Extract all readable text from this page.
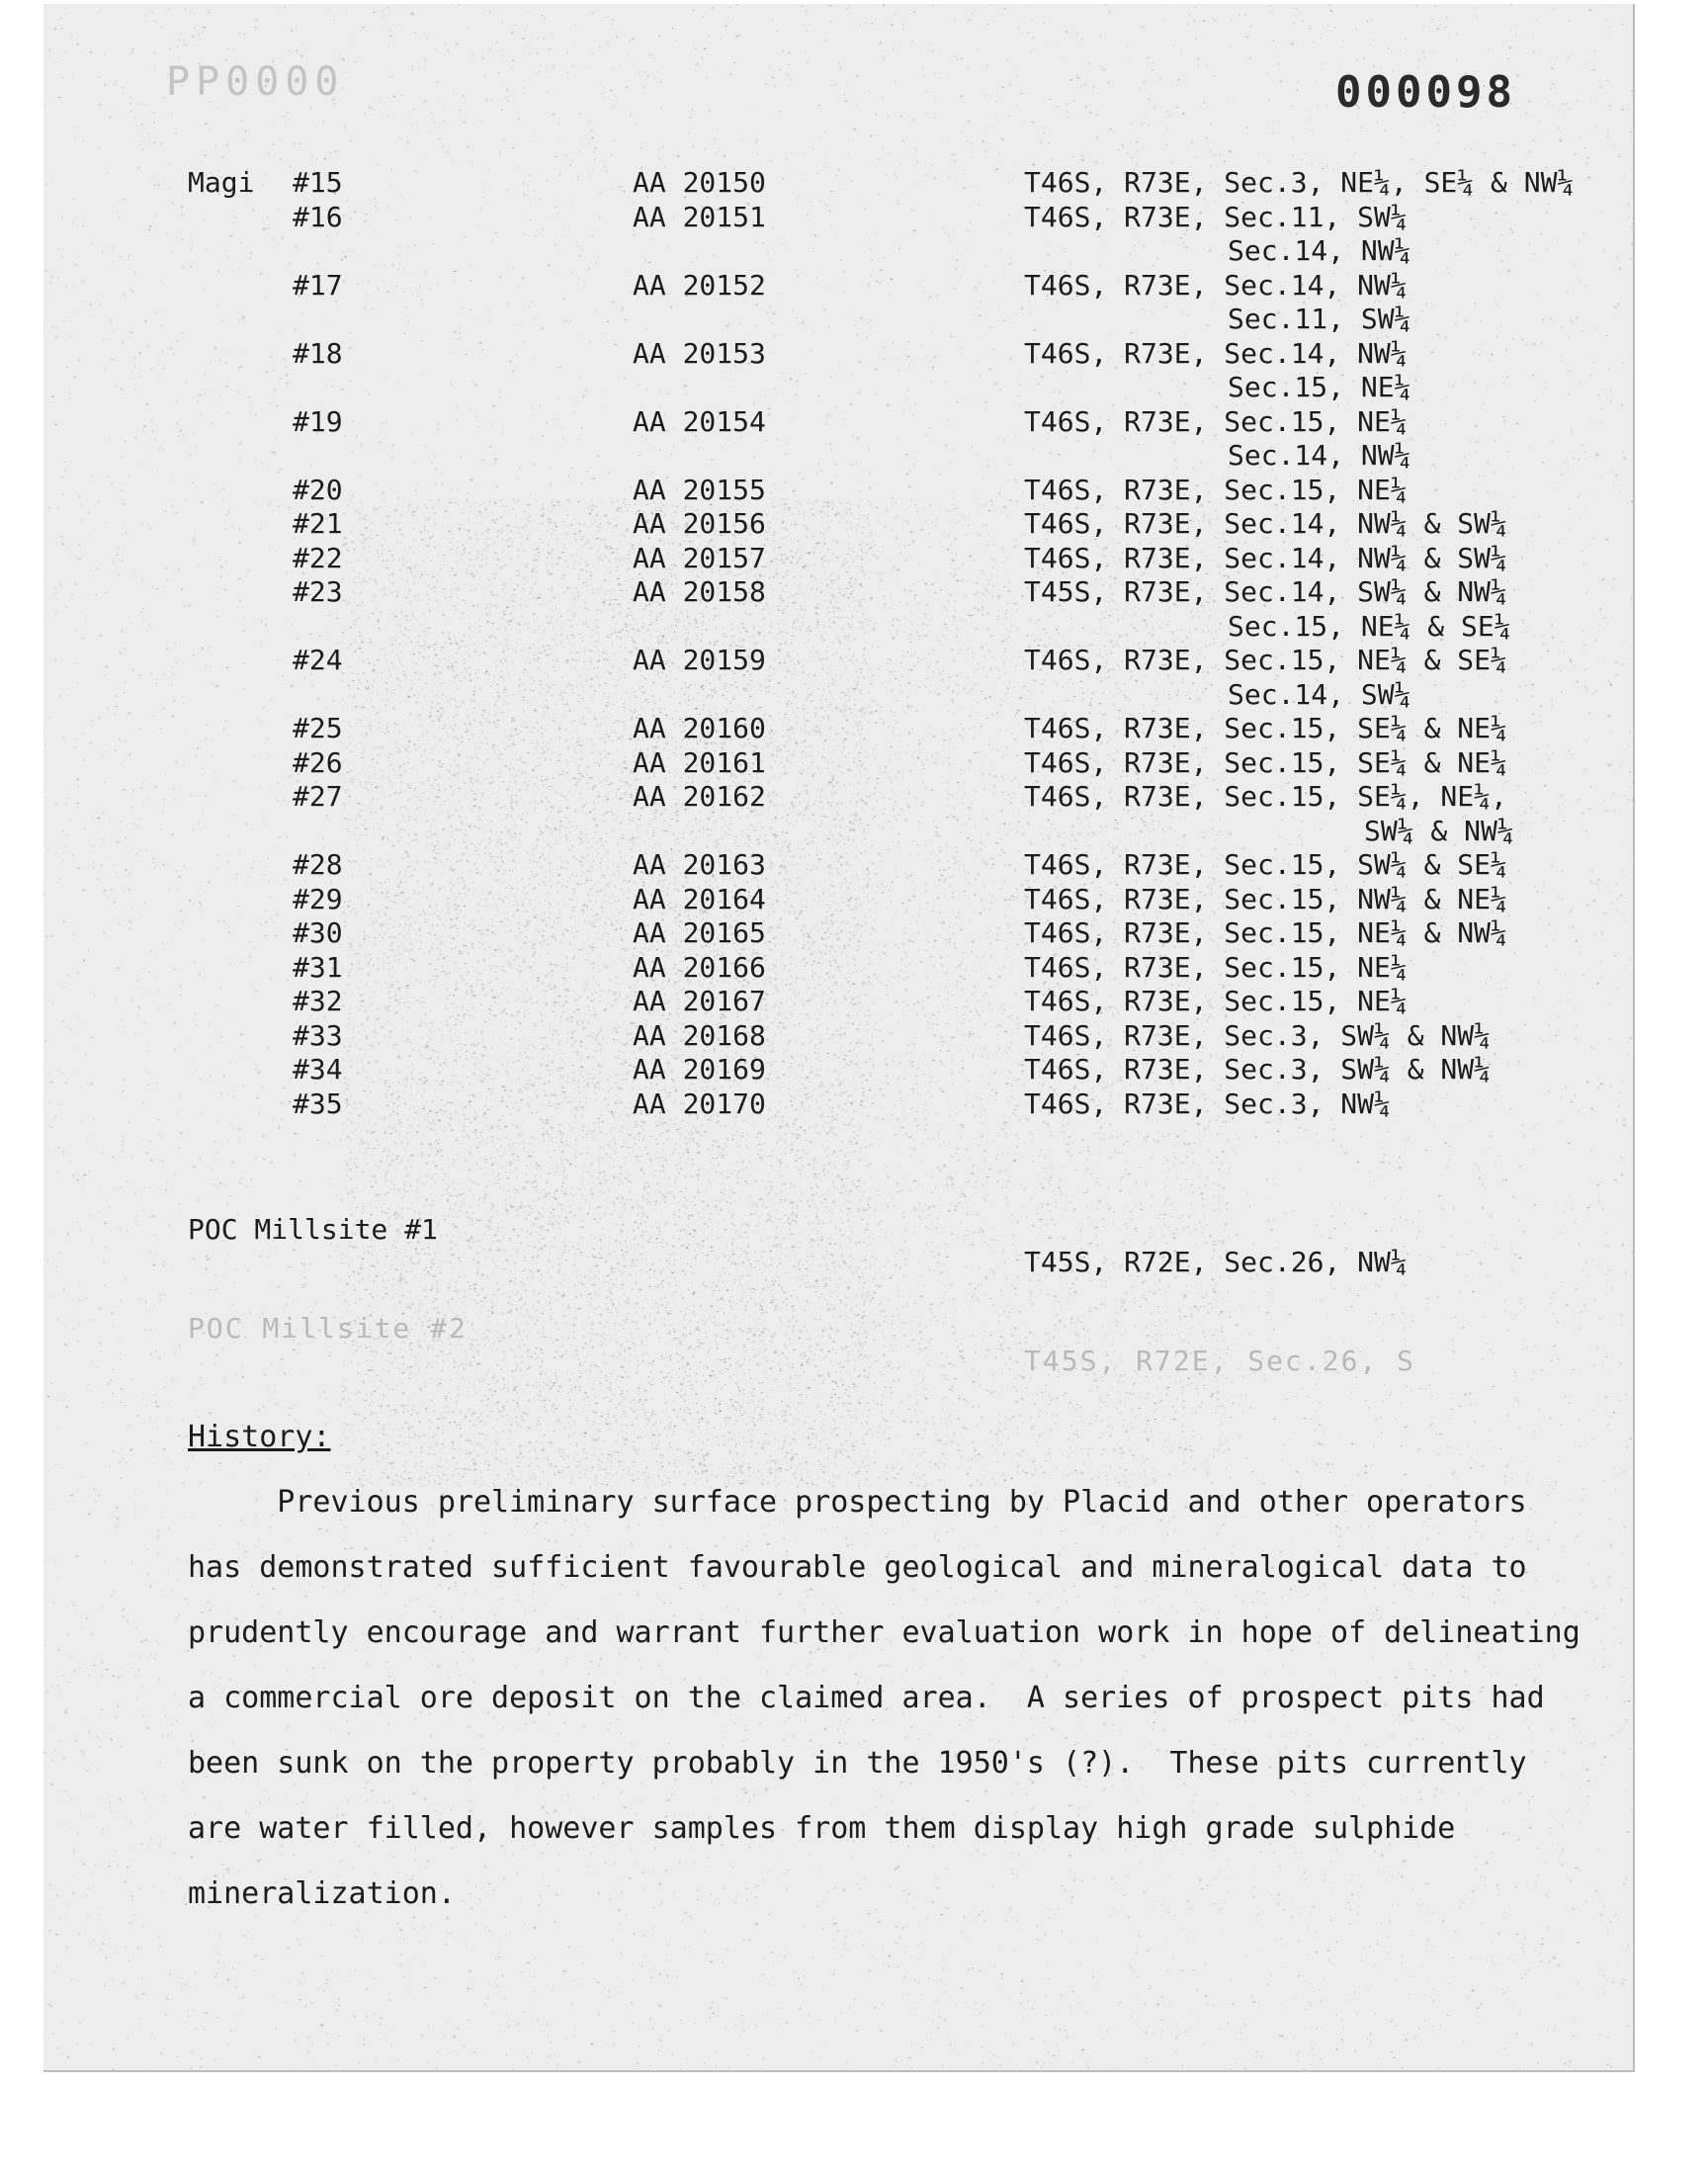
PP0000	000098
Magi #15	AA 20150	T46S, R73E, Sec.3, NE¼, SE¼ & NW¼
#16	AA 20151	T46S, R73E, Sec.11, SW¼
Sec.14, NW¼
#17	AA 20152	T46S, R73E, Sec.14, NW¼
Sec.11, SW¼
#18	AA 20153	T46S, R73E, Sec.14, NW¼
Sec.15, NE¼
#19	AA 20154	T46S, R73E, Sec.15, NE¼
Sec.14, NW¼
#20	AA 20155	T46S, R73E, Sec.15, NE¼
#21	AA 20156	T46S, R73E, Sec.14, NW¼ & SW¼
#22	AA 20157	T46S, R73E, Sec.14, NW¼ & SW¼
#23	AA 20158	T45S, R73E, Sec.14, SW¼ & NW¼
Sec.15, NE¼ & SE¼
#24	AA 20159	T46S, R73E, Sec.15, NE¼ & SE¼
Sec.14, SW¼
#25	AA 20160	T46S, R73E, Sec.15, SE¼ & NE¼
#26	AA 20161	T46S, R73E, Sec.15, SE¼ & NE¼
#27	AA 20162	T46S, R73E, Sec.15, SE¼, NE¼,
SW¼ & NW¼
#28	AA 20163	T46S, R73E, Sec.15, SW¼ & SE¼
#29	AA 20164	T46S, R73E, Sec.15, NW¼ & NE¼
#30	AA 20165	T46S, R73E, Sec.15, NE¼ & NW¼
#31	AA 20166	T46S, R73E, Sec.15, NE¼
#32	AA 20167	T46S, R73E, Sec.15, NE¼
#33	AA 20168	T46S, R73E, Sec.3, SW¼ & NW¼
#34	AA 20169	T46S, R73E, Sec.3, SW¼ & NW¼
#35	AA 20170	T46S, R73E, Sec.3, NW¼

POC Millsite #1

T45S, R72E, Sec.26, NW¼

POC Millsite #2

T45S, R72E, Sec.26, S

History:
Previous preliminary surface prospecting by Placid and other operators
has demonstrated sufficient favourable geological and mineralogical data to
prudently encourage and warrant further evaluation work in hope of delineating
a commercial ore deposit on the claimed area.  A series of prospect pits had
been sunk on the property probably in the 1950's (?).  These pits currently
are water filled, however samples from them display high grade sulphide
mineralization.
